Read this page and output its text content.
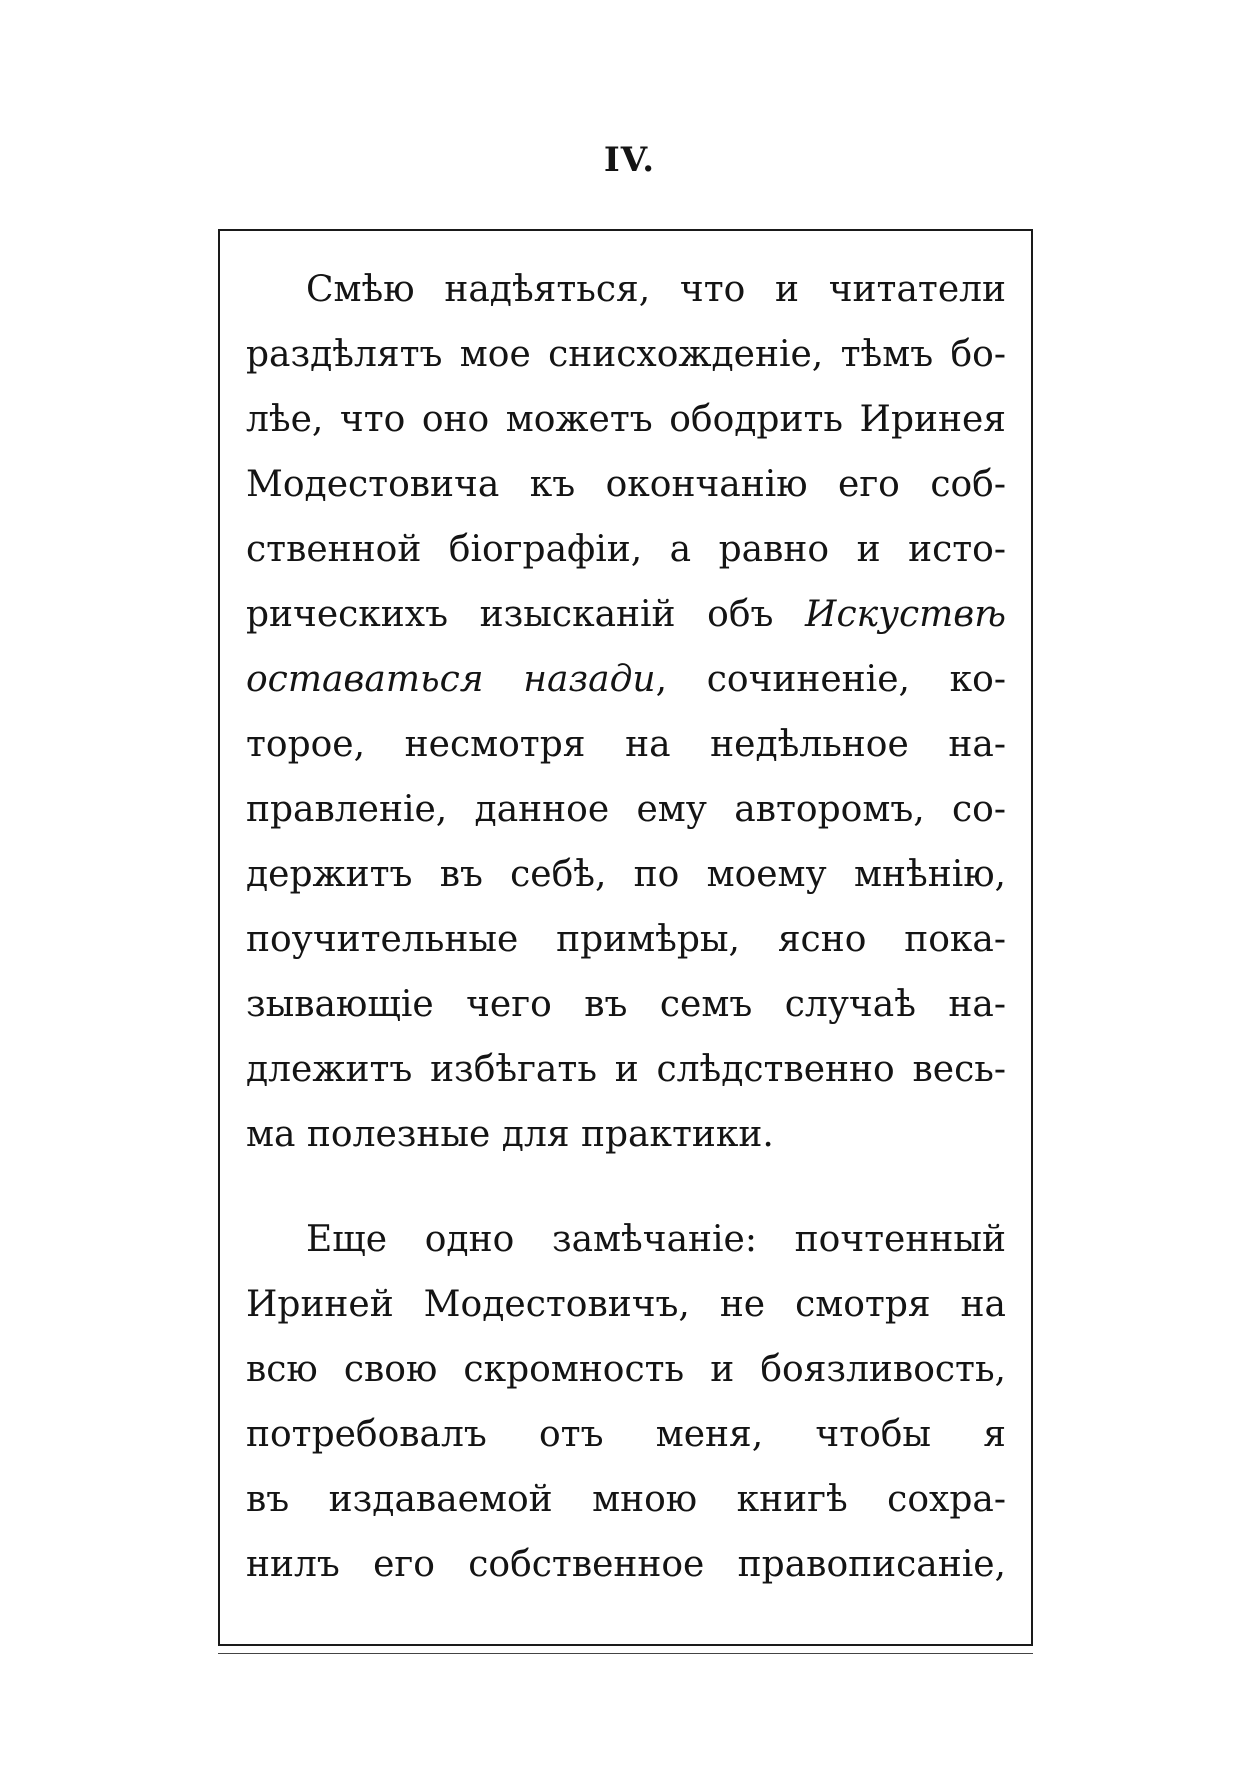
IV.
Смѣю надѣяться, что и читатели
раздѣлятъ мое снисхожденіе, тѣмъ бо-
лѣе, что оно можетъ ободрить Иринея
Модестовича къ окончанію его соб-
ственной біографіи, а равно и исто-
рическихъ изысканій объ Искуствѣ
оставаться назади, сочиненіе, ко-
торое, несмотря на недѣльное на-
правленіе, данное ему авторомъ, со-
держитъ въ себѣ, по моему мнѣнію,
поучительные примѣры, ясно пока-
зывающіе чего въ семъ случаѣ на-
длежитъ избѣгать и слѣдственно весь-
ма полезные для практики.
Еще одно замѣчаніе: почтенный
Ириней Модестовичъ, не смотря на
всю свою скромность и боязливость,
потребовалъ отъ меня, чтобы я
въ издаваемой мною книгѣ сохра-
нилъ его собственное правописаніе,
